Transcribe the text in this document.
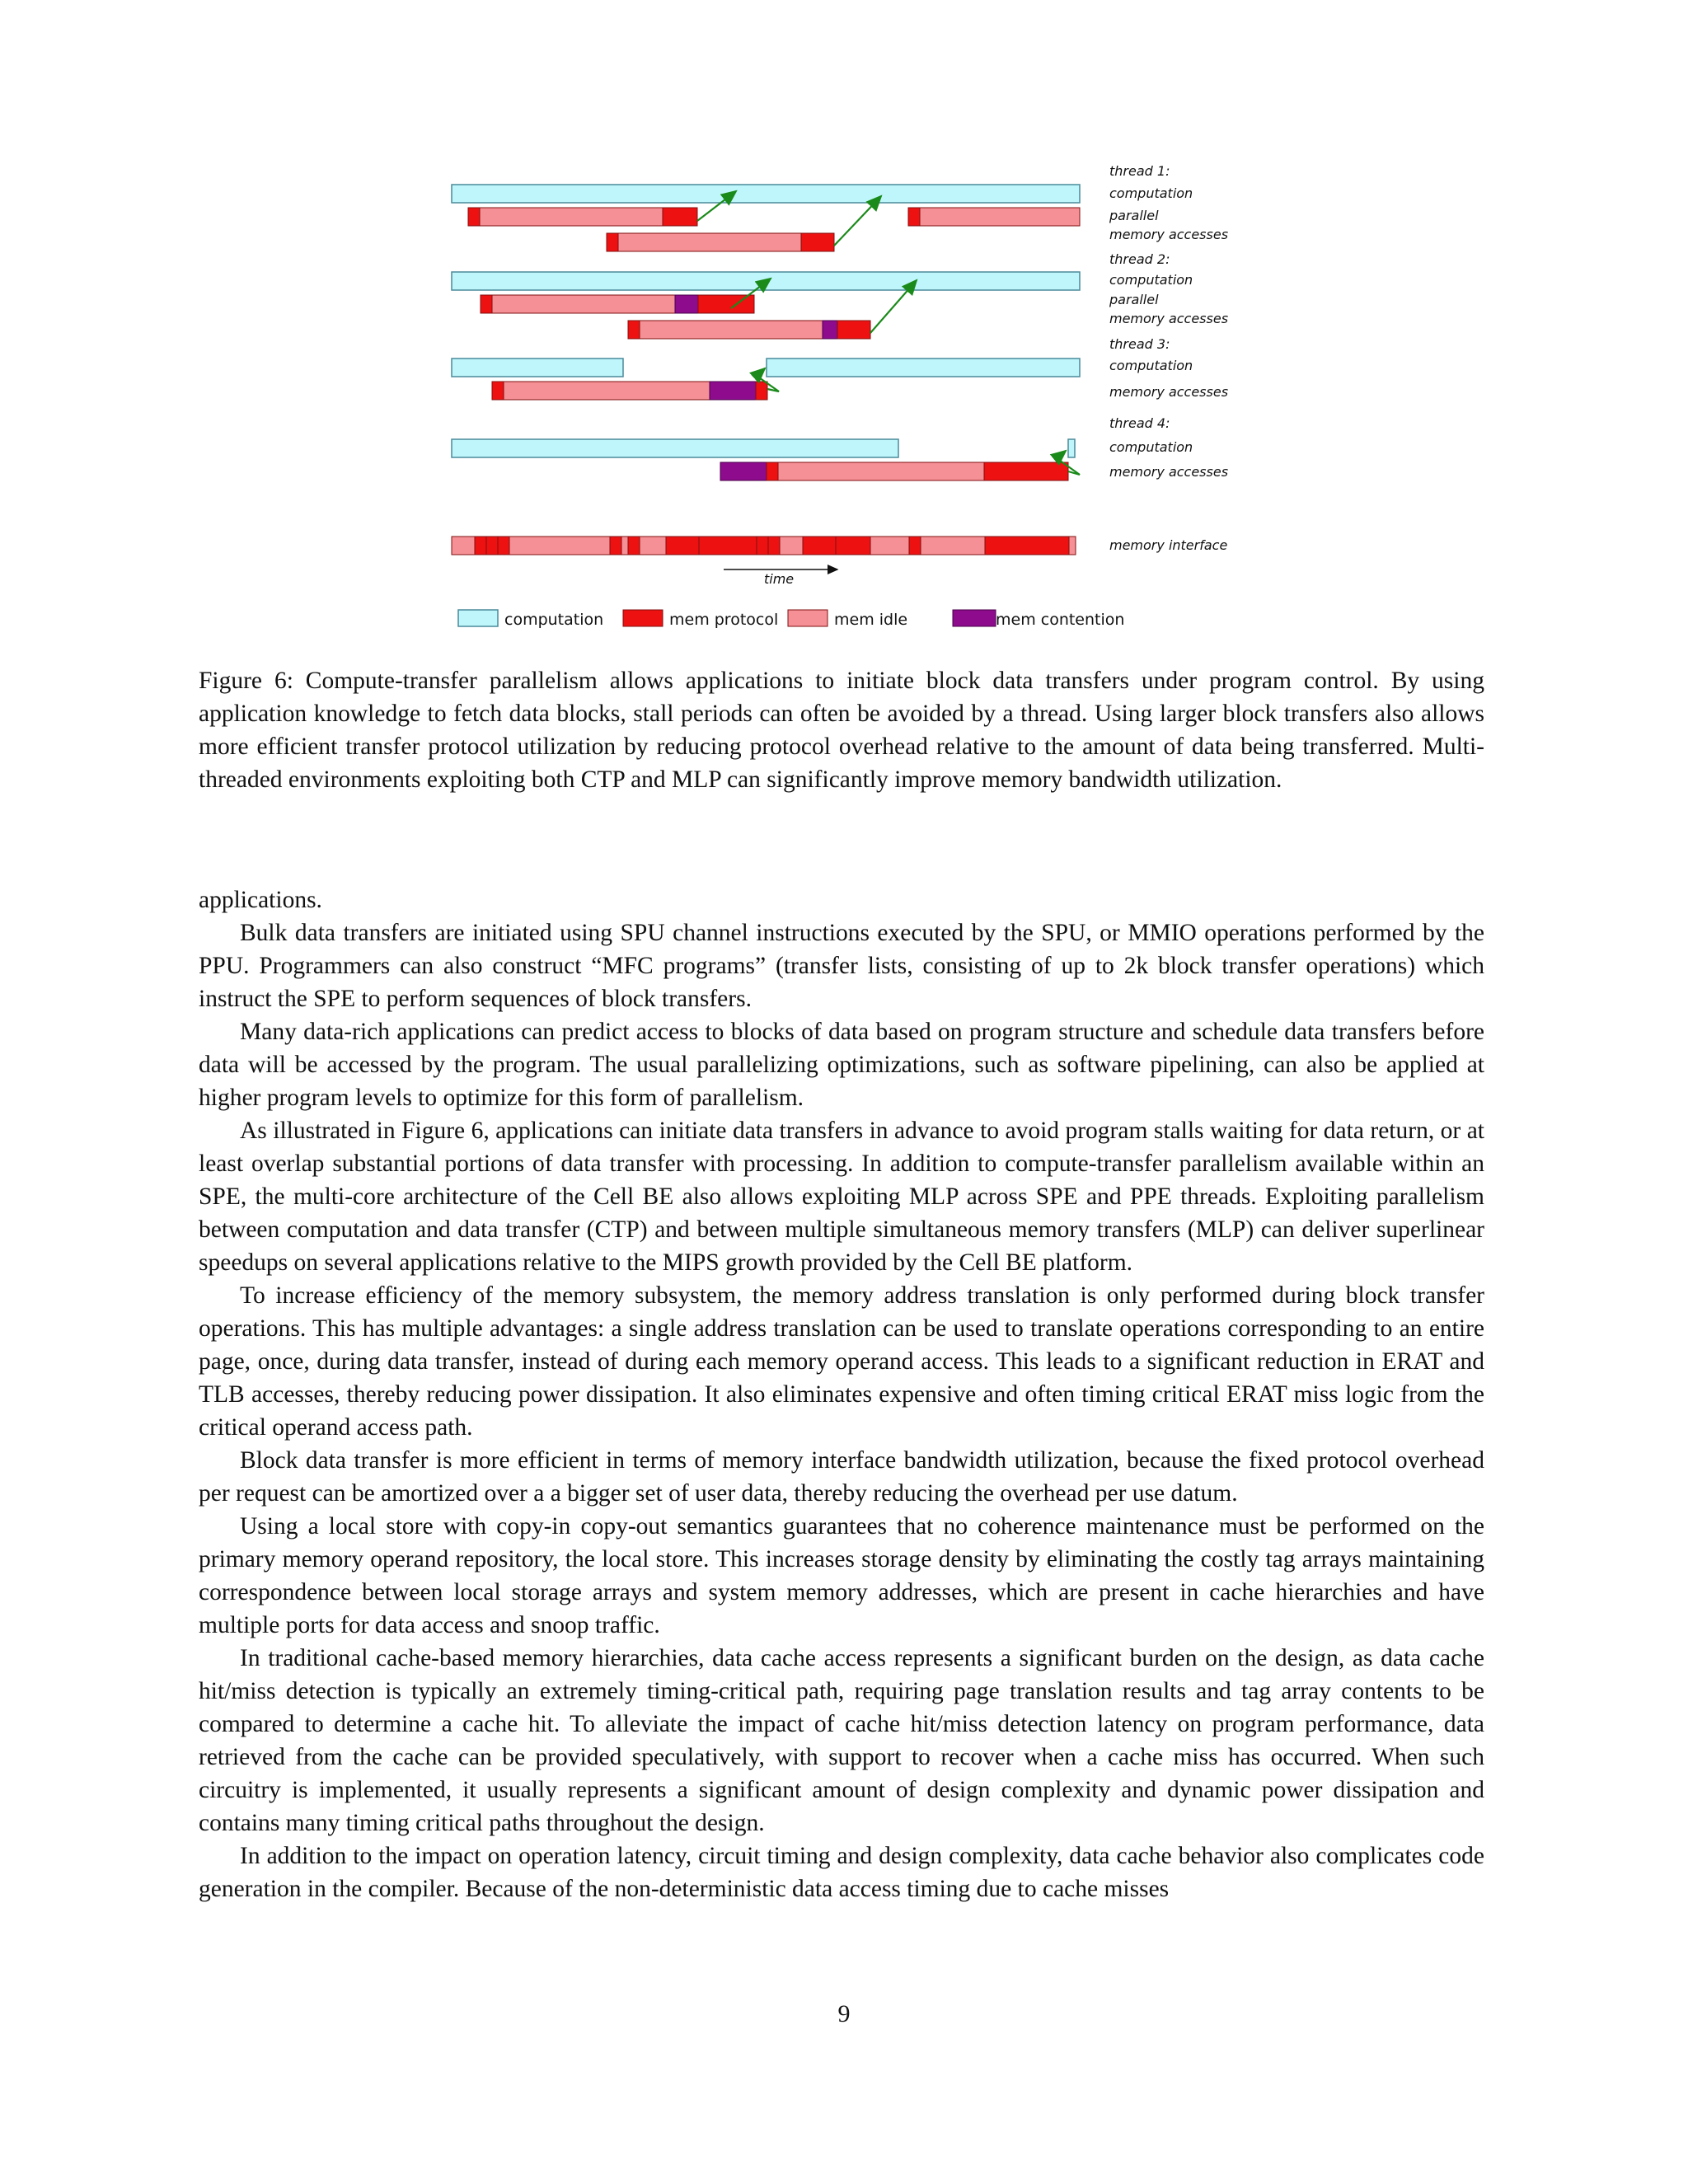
time
thread 1:
computation
parallel
memory accesses
thread 2:
computation
parallel
memory accesses
thread 3:
computation
memory accesses
thread 4:
computation
memory accesses
memory interface
computation	mem protocol	mem idle	mem contention

Figure 6: Compute-transfer parallelism allows applications to initiate block data transfers under program control. By using application knowledge to fetch data blocks, stall periods can often be avoided by a thread. Using larger block transfers also allows more efficient transfer protocol utilization by reducing protocol overhead relative to the amount of data being transferred. Multi-threaded environments exploiting both CTP and MLP can significantly improve memory bandwidth utilization.

applications.

Bulk data transfers are initiated using SPU channel instructions executed by the SPU, or MMIO operations performed by the PPU. Programmers can also construct “MFC programs” (transfer lists, consisting of up to 2k block transfer operations) which instruct the SPE to perform sequences of block transfers.

Many data-rich applications can predict access to blocks of data based on program structure and schedule data transfers before data will be accessed by the program. The usual parallelizing optimizations, such as software pipelining, can also be applied at higher program levels to optimize for this form of parallelism.

As illustrated in Figure 6, applications can initiate data transfers in advance to avoid program stalls waiting for data return, or at least overlap substantial portions of data transfer with processing. In addition to compute-transfer parallelism available within an SPE, the multi-core architecture of the Cell BE also allows exploiting MLP across SPE and PPE threads. Exploiting parallelism between computation and data transfer (CTP) and between multiple simultaneous memory transfers (MLP) can deliver superlinear speedups on several applications relative to the MIPS growth provided by the Cell BE platform.

To increase efficiency of the memory subsystem, the memory address translation is only performed during block transfer operations. This has multiple advantages: a single address translation can be used to translate operations corresponding to an entire page, once, during data transfer, instead of during each memory operand access. This leads to a significant reduction in ERAT and TLB accesses, thereby reducing power dissipation. It also eliminates expensive and often timing critical ERAT miss logic from the critical operand access path.

Block data transfer is more efficient in terms of memory interface bandwidth utilization, because the fixed protocol overhead per request can be amortized over a a bigger set of user data, thereby reducing the overhead per use datum.

Using a local store with copy-in copy-out semantics guarantees that no coherence maintenance must be performed on the primary memory operand repository, the local store. This increases storage density by eliminating the costly tag arrays maintaining correspondence between local storage arrays and system memory addresses, which are present in cache hierarchies and have multiple ports for data access and snoop traffic.

In traditional cache-based memory hierarchies, data cache access represents a significant burden on the design, as data cache hit/miss detection is typically an extremely timing-critical path, requiring page translation results and tag array contents to be compared to determine a cache hit. To alleviate the impact of cache hit/miss detection latency on program performance, data retrieved from the cache can be provided speculatively, with support to recover when a cache miss has occurred. When such circuitry is implemented, it usually represents a significant amount of design complexity and dynamic power dissipation and contains many timing critical paths throughout the design.

In addition to the impact on operation latency, circuit timing and design complexity, data cache behavior also complicates code generation in the compiler. Because of the non-deterministic data access timing due to cache misses

9
